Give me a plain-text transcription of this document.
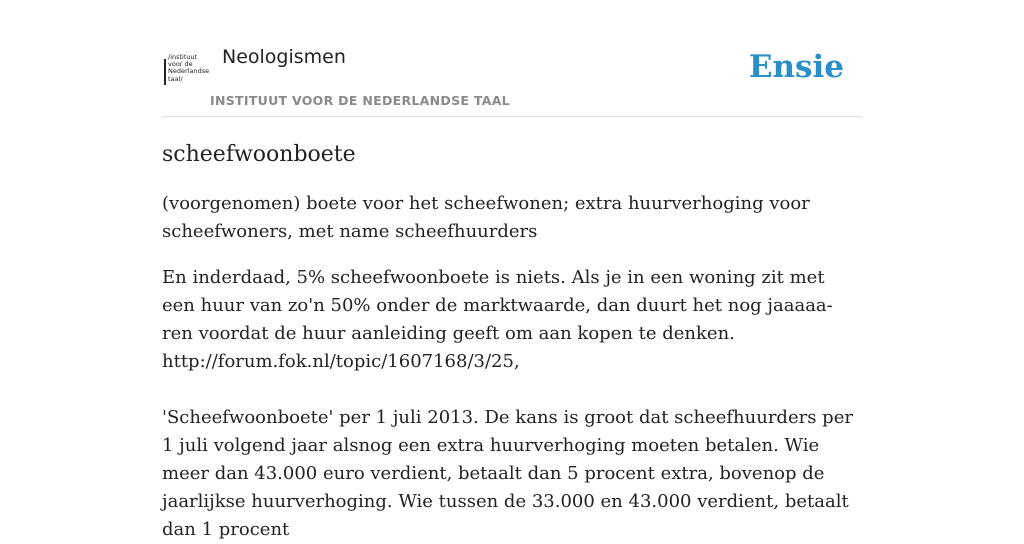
/instituut
voor de
Nederlandse
taal/
Neologismen
INSTITUUT VOOR DE NEDERLANDSE TAAL
Ensie
scheefwoonboete

(voorgenomen) boete voor het scheefwonen; extra huurverhoging voor scheefwoners, met name scheefhuurders

En inderdaad, 5% scheefwoonboete is niets. Als je in een woning zit met een huur van zo'n 50% onder de marktwaarde, dan duurt het nog jaaaaa-ren voordat de huur aanleiding geeft om aan kopen te denken.
http://forum.fok.nl/topic/1607168/3/25,
'Scheefwoonboete' per 1 juli 2013. De kans is groot dat scheefhuurders per 1 juli volgend jaar alsnog een extra huurverhoging moeten betalen. Wie meer dan 43.000 euro verdient, betaalt dan 5 procent extra, bovenop de jaarlijkse huurverhoging. Wie tussen de 33.000 en 43.000 verdient, betaalt dan 1 procent
